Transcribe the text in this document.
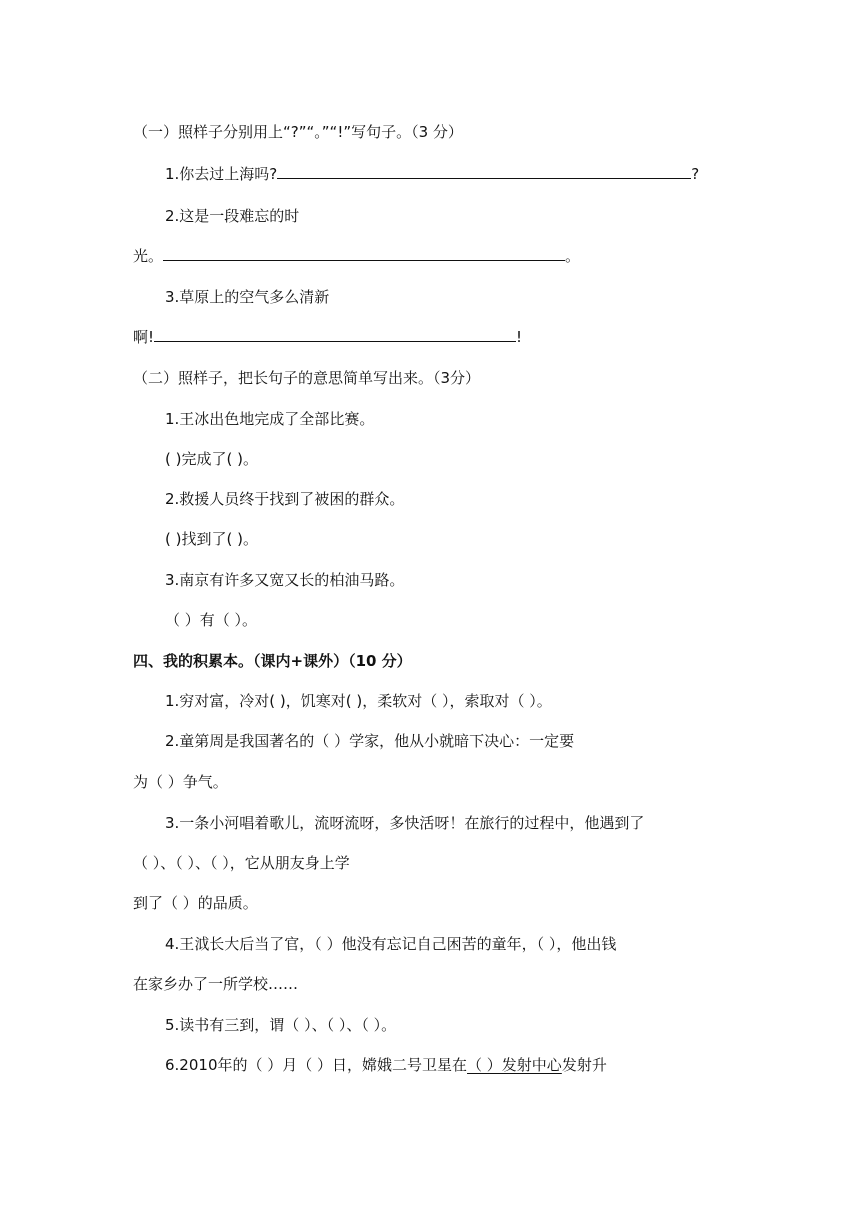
（一）照样子分别用上“?”“。”“!”写句子。（3 分）
1.你去过上海吗?	?
2.这是一段难忘的时
光。	。
3.草原上的空气多么清新
啊!	!
（二）照样子，把长句子的意思简单写出来。（3分）
1.王冰出色地完成了全部比赛。
( )完成了( )。
2.救援人员终于找到了被困的群众。
( )找到了( )。
3.南京有许多又宽又长的柏油马路。
（ ）有（ ）。
四、我的积累本。（课内+课外）（10 分）
1.穷对富，冷对( )，饥寒对( )，柔软对（ ），索取对（ ）。
2.童第周是我国著名的（ ）学家，他从小就暗下决心：一定要
为（ ）争气。
3.一条小河唱着歌儿，流呀流呀，多快活呀！在旅行的过程中，他遇到了
（ ）、（ ）、（ ），它从朋友身上学
到了（ ）的品质。
4.王泧长大后当了官，（ ）他没有忘记自己困苦的童年，（ ），他出钱
在家乡办了一所学校……
5.读书有三到，谓（ ）、（ ）、（ ）。
6.2010年的（ ）月（ ）日，嫦娥二号卫星在（ ）发射中心发射升
